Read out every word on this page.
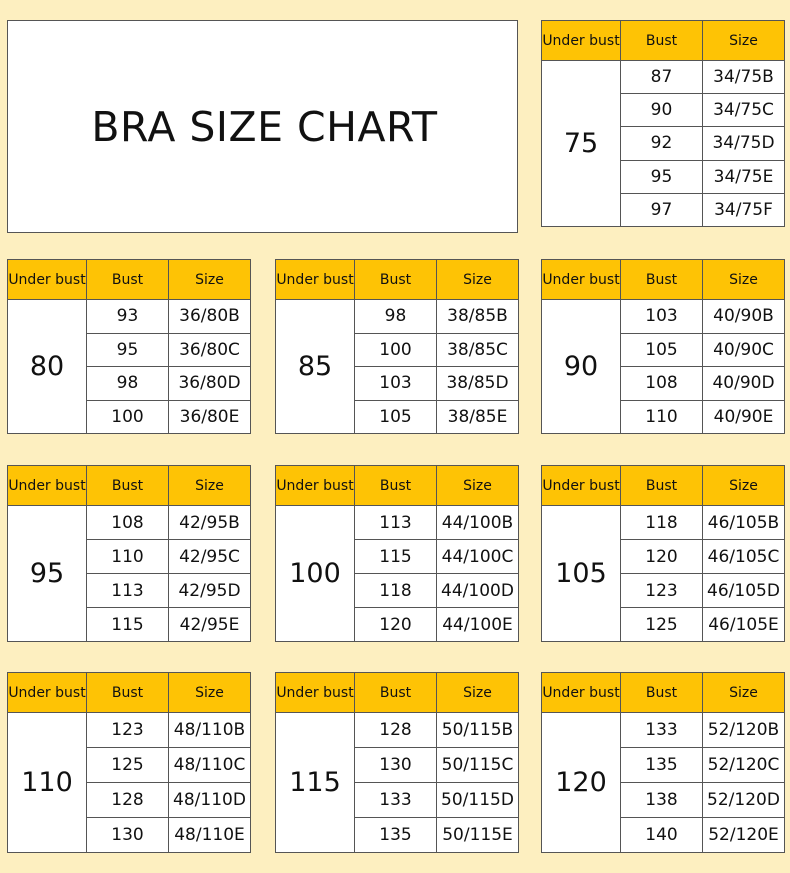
BRA SIZE CHART
Under bust	Bust	Size
75	87	34/75B
	90	34/75C
	92	34/75D
	95	34/75E
	97	34/75F
Under bust	Bust	Size
80	93	36/80B
	95	36/80C
	98	36/80D
	100	36/80E
Under bust	Bust	Size
85	98	38/85B
	100	38/85C
	103	38/85D
	105	38/85E
Under bust	Bust	Size
90	103	40/90B
	105	40/90C
	108	40/90D
	110	40/90E
Under bust	Bust	Size
95	108	42/95B
	110	42/95C
	113	42/95D
	115	42/95E
Under bust	Bust	Size
100	113	44/100B
	115	44/100C
	118	44/100D
	120	44/100E
Under bust	Bust	Size
105	118	46/105B
	120	46/105C
	123	46/105D
	125	46/105E
Under bust	Bust	Size
110	123	48/110B
	125	48/110C
	128	48/110D
	130	48/110E
Under bust	Bust	Size
115	128	50/115B
	130	50/115C
	133	50/115D
	135	50/115E
Under bust	Bust	Size
120	133	52/120B
	135	52/120C
	138	52/120D
	140	52/120E
